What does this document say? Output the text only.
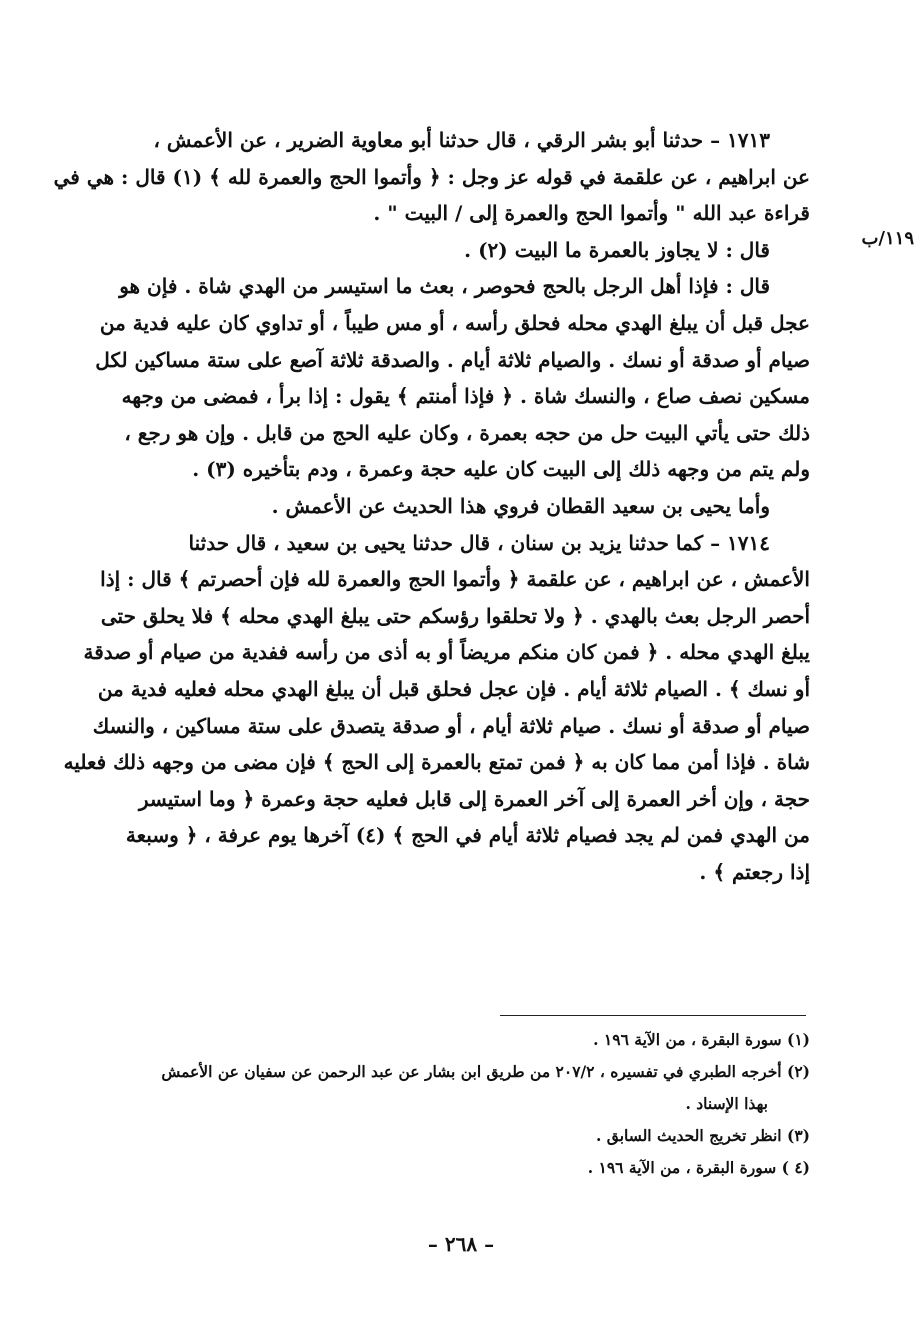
١١٩/ب
١٧١٣ – حدثنا أبو بشر الرقي ، قال حدثنا أبو معاوية الضرير ، عن الأعمش ،
عن ابراهيم ، عن علقمة في قوله عز وجل : ﴿ وأتموا الحج والعمرة لله ﴾ (١) قال : هي في
قراءة عبد الله " وأتموا الحج والعمرة إلى / البيت " .
قال : لا يجاوز بالعمرة ما البيت (٢) .
قال : فإذا أهل الرجل بالحج فحوصر ، بعث ما استيسر من الهدي شاة . فإن هو
عجل قبل أن يبلغ الهدي محله فحلق رأسه ، أو مس طيباً ، أو تداوي كان عليه فدية من
صيام أو صدقة أو نسك . والصيام ثلاثة أيام . والصدقة ثلاثة آصع على ستة مساكين لكل
مسكين نصف صاع ، والنسك شاة . ﴿ فإذا أمنتم ﴾ يقول : إذا برأ ، فمضى من وجهه
ذلك حتى يأتي البيت حل من حجه بعمرة ، وكان عليه الحج من قابل . وإن هو رجع ،
ولم يتم من وجهه ذلك إلى البيت كان عليه حجة وعمرة ، ودم بتأخيره (٣) .
وأما يحيى بن سعيد القطان فروي هذا الحديث عن الأعمش .
١٧١٤ – كما حدثنا يزيد بن سنان ، قال حدثنا يحيى بن سعيد ، قال حدثنا
الأعمش ، عن ابراهيم ، عن علقمة ﴿ وأتموا الحج والعمرة لله فإن أحصرتم ﴾ قال : إذا
أحصر الرجل بعث بالهدي . ﴿ ولا تحلقوا رؤسكم حتى يبلغ الهدي محله ﴾ فلا يحلق حتى
يبلغ الهدي محله . ﴿ فمن كان منكم مريضاً أو به أذى من رأسه ففدية من صيام أو صدقة
أو نسك ﴾ . الصيام ثلاثة أيام . فإن عجل فحلق قبل أن يبلغ الهدي محله فعليه فدية من
صيام أو صدقة أو نسك . صيام ثلاثة أيام ، أو صدقة يتصدق على ستة مساكين ، والنسك
شاة . فإذا أمن مما كان به ﴿ فمن تمتع بالعمرة إلى الحج ﴾ فإن مضى من وجهه ذلك فعليه
حجة ، وإن أخر العمرة إلى آخر العمرة إلى قابل فعليه حجة وعمرة ﴿ وما استيسر
من الهدي فمن لم يجد فصيام ثلاثة أيام في الحج ﴾ (٤) آخرها يوم عرفة ، ﴿ وسبعة
إذا رجعتم ﴾ .
(١) سورة البقرة ، من الآية ١٩٦ .
(٢) أخرجه الطبري في تفسيره ، ٢٠٧/٢ من طريق ابن بشار عن عبد الرحمن عن سفيان عن الأعمش
بهذا الإسناد .
(٣) انظر تخريج الحديث السابق .
(٤ ) سورة البقرة ، من الآية ١٩٦ .
– ٢٦٨ –
